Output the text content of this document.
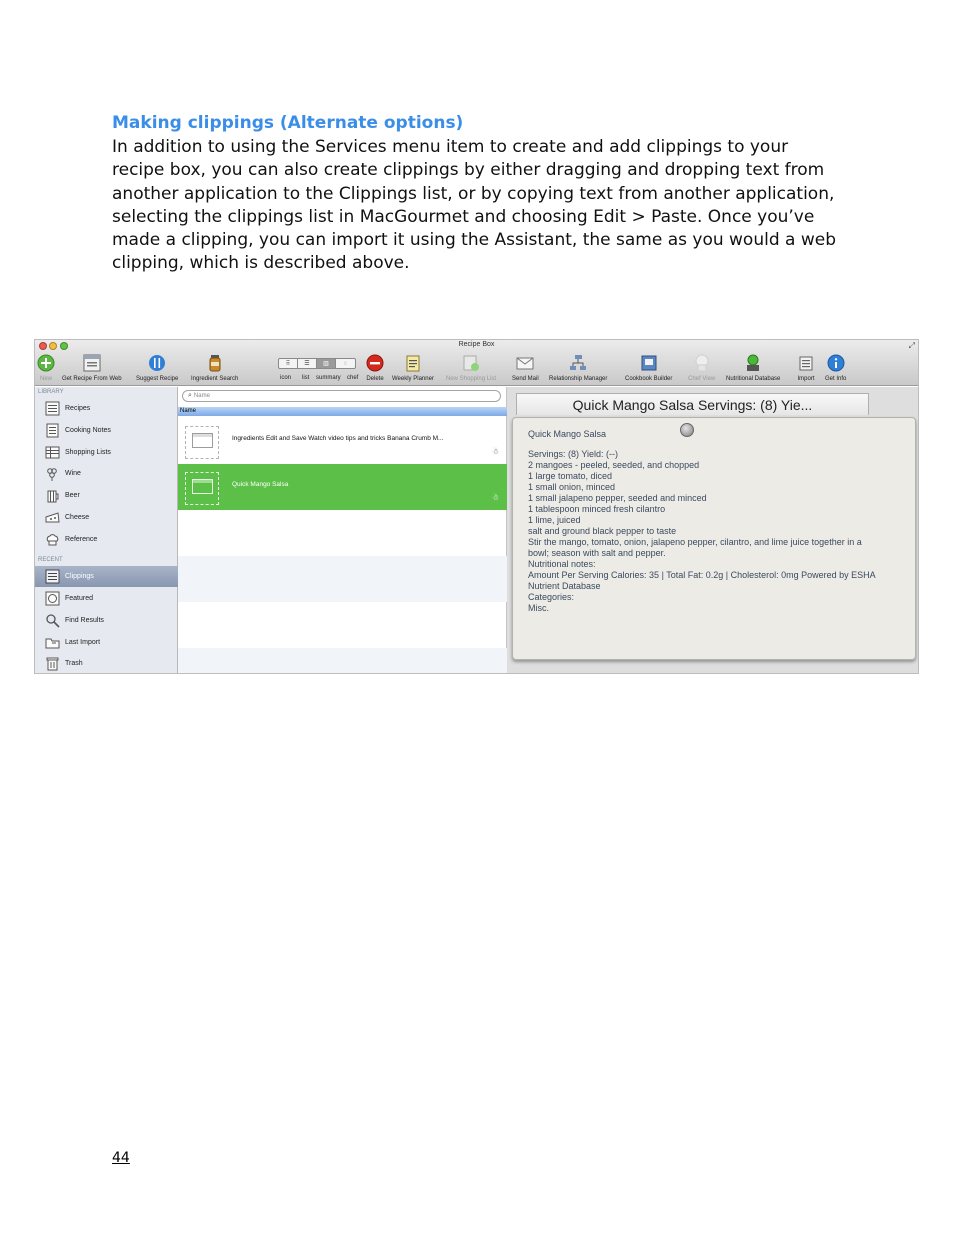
Making clippings (Alternate options)
In addition to using the Services menu item to create and add clippings to your recipe box, you can also create clippings by either dragging and dropping text from another application to the Clippings list, or by copying text from another application, selecting the clippings list in MacGourmet and choosing Edit > Paste. Once you’ve made a clipping, you can import it using the Assistant, the same as you would a web clipping, which is described above.
Recipe Box	⤢
New Get Recipe From Web Suggest Recipe Ingredient Search
⠿	☰	▥	◌
icon list summary chef Delete Weekly Planner New Shopping List	Send Mail Relationship Manager	Cookbook Builder	Chef View Nutritional Database	Import Get Info
LIBRARY
Recipes
Cooking Notes
Shopping Lists
Wine
Beer
Cheese
Reference
RECENT
Clippings
Featured
Find Results
Last Import
Trash
⌕ Name
Name
Ingredients Edit and Save Watch video tips and tricks Banana Crumb M...
☃
Quick Mango Salsa
☃
Quick Mango Salsa Servings: (8) Yie...
Quick Mango Salsa
Servings: (8) Yield: (--)
2 mangoes - peeled, seeded, and chopped
1 large tomato, diced
1 small onion, minced
1 small jalapeno pepper, seeded and minced
1 tablespoon minced fresh cilantro
1 lime, juiced
salt and ground black pepper to taste
Stir the mango, tomato, onion, jalapeno pepper, cilantro, and lime juice together in a
bowl; season with salt and pepper.
Nutritional notes:
Amount Per Serving Calories: 35 | Total Fat: 0.2g | Cholesterol: 0mg Powered by ESHA
Nutrient Database
Categories:
Misc.
44
